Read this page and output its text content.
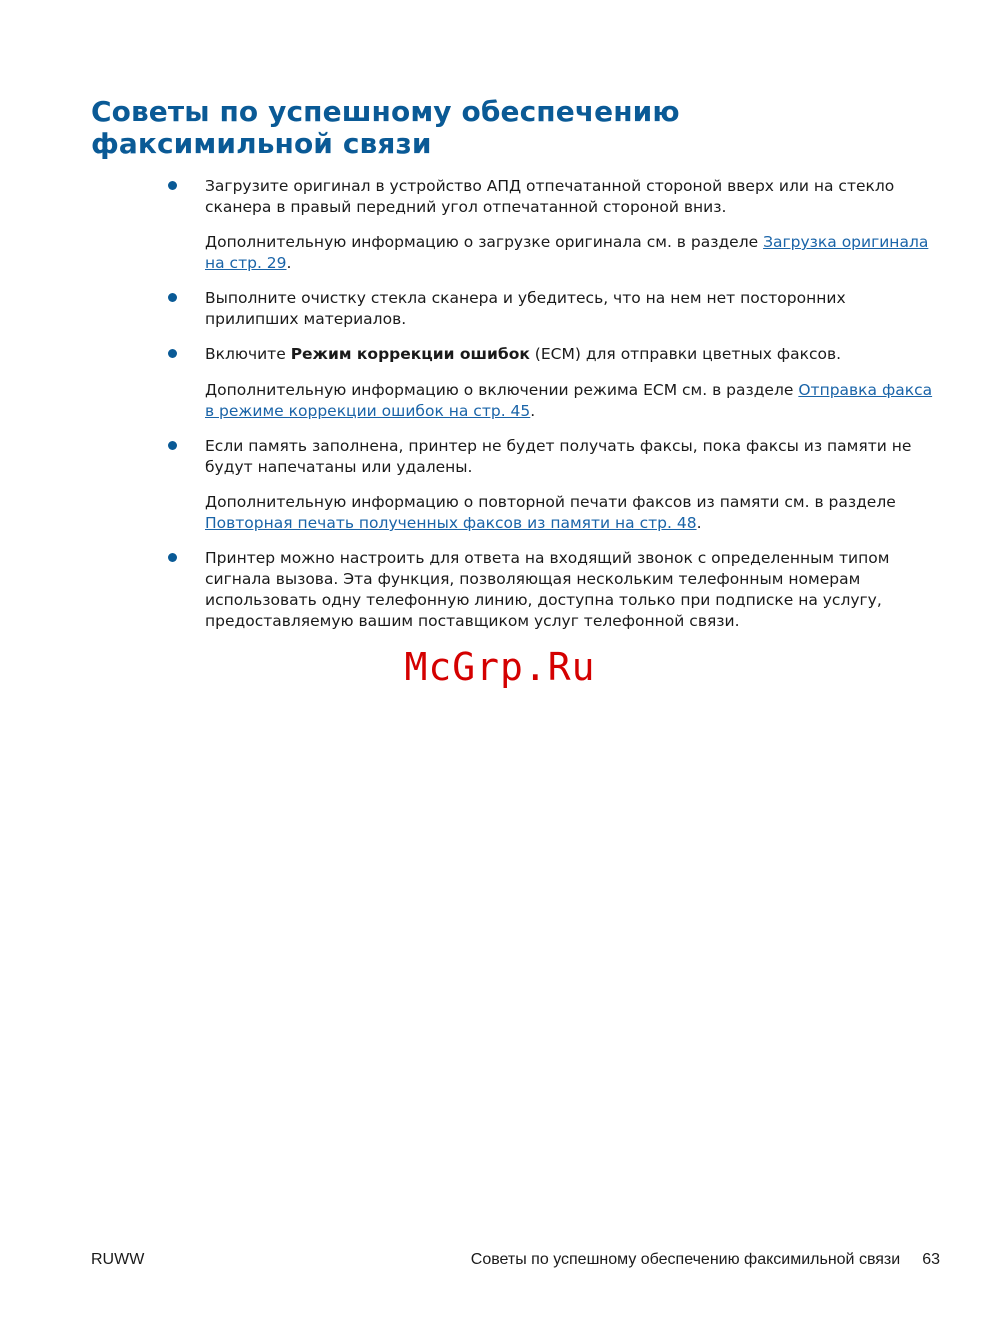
Советы по успешному обеспечению факсимильной связи

Загрузите оригинал в устройство АПД отпечатанной стороной вверх или на стекло сканера в правый передний угол отпечатанной стороной вниз.

Дополнительную информацию о загрузке оригинала см. в разделе Загрузка оригинала на стр. 29.

Выполните очистку стекла сканера и убедитесь, что на нем нет посторонних прилипших материалов.

Включите Режим коррекции ошибок (ECM) для отправки цветных факсов.

Дополнительную информацию о включении режима ECM см. в разделе Отправка факса в режиме коррекции ошибок на стр. 45.

Если память заполнена, принтер не будет получать факсы, пока факсы из памяти не будут напечатаны или удалены.

Дополнительную информацию о повторной печати факсов из памяти см. в разделе Повторная печать полученных факсов из памяти на стр. 48.

Принтер можно настроить для ответа на входящий звонок с определенным типом сигнала вызова. Эта функция, позволяющая нескольким телефонным номерам использовать одну телефонную линию, доступна только при подписке на услугу, предоставляемую вашим поставщиком услуг телефонной связи.

McGrp.Ru

RUWW	Советы по успешному обеспечению факсимильной связи 63
